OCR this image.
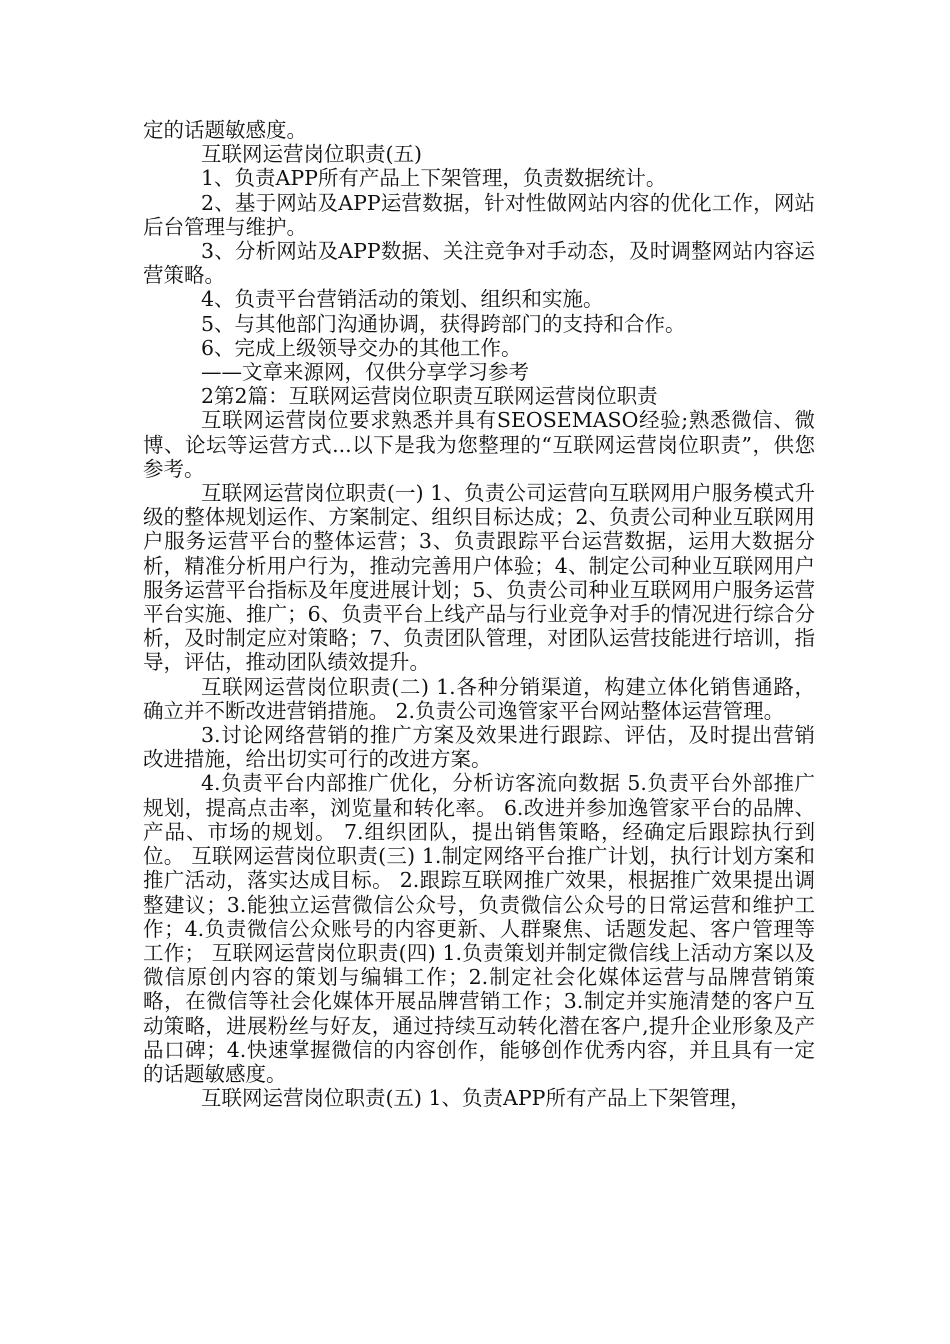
定的话题敏感度。

互联网运营岗位职责(五)

1、负责APP所有产品上下架管理，负责数据统计。

2、基于网站及APP运营数据，针对性做网站内容的优化工作，网站后台管理与维护。

3、分析网站及APP数据、关注竞争对手动态，及时调整网站内容运营策略。

4、负责平台营销活动的策划、组织和实施。

5、与其他部门沟通协调，获得跨部门的支持和合作。

6、完成上级领导交办的其他工作。

——文章来源网，仅供分享学习参考

2第2篇：互联网运营岗位职责互联网运营岗位职责

互联网运营岗位要求熟悉并具有SEOSEMASO经验;熟悉微信、微博、论坛等运营方式...以下是我为您整理的“互联网运营岗位职责”，供您参考。

互联网运营岗位职责(一) 1、负责公司运营向互联网用户服务模式升级的整体规划运作、方案制定、组织目标达成；2、负责公司种业互联网用户服务运营平台的整体运营；3、负责跟踪平台运营数据，运用大数据分析，精准分析用户行为，推动完善用户体验；4、制定公司种业互联网用户服务运营平台指标及年度进展计划；5、负责公司种业互联网用户服务运营平台实施、推广；6、负责平台上线产品与行业竞争对手的情况进行综合分析，及时制定应对策略；7、负责团队管理，对团队运营技能进行培训，指导，评估，推动团队绩效提升。

互联网运营岗位职责(二) 1.各种分销渠道，构建立体化销售通路，确立并不断改进营销措施。 2.负责公司逸管家平台网站整体运营管理。

3.讨论网络营销的推广方案及效果进行跟踪、评估，及时提出营销改进措施，给出切实可行的改进方案。

4.负责平台内部推广优化，分析访客流向数据 5.负责平台外部推广规划，提高点击率，浏览量和转化率。 6.改进并参加逸管家平台的品牌、产品、市场的规划。 7.组织团队，提出销售策略，经确定后跟踪执行到位。 互联网运营岗位职责(三) 1.制定网络平台推广计划，执行计划方案和推广活动，落实达成目标。 2.跟踪互联网推广效果，根据推广效果提出调整建议；3.能独立运营微信公众号，负责微信公众号的日常运营和维护工作；4.负责微信公众账号的内容更新、人群聚焦、话题发起、客户管理等工作； 互联网运营岗位职责(四) 1.负责策划并制定微信线上活动方案以及微信原创内容的策划与编辑工作；2.制定社会化媒体运营与品牌营销策略，在微信等社会化媒体开展品牌营销工作；3.制定并实施清楚的客户互动策略，进展粉丝与好友，通过持续互动转化潜在客户,提升企业形象及产品口碑；4.快速掌握微信的内容创作，能够创作优秀内容，并且具有一定的话题敏感度。

互联网运营岗位职责(五) 1、负责APP所有产品上下架管理，
